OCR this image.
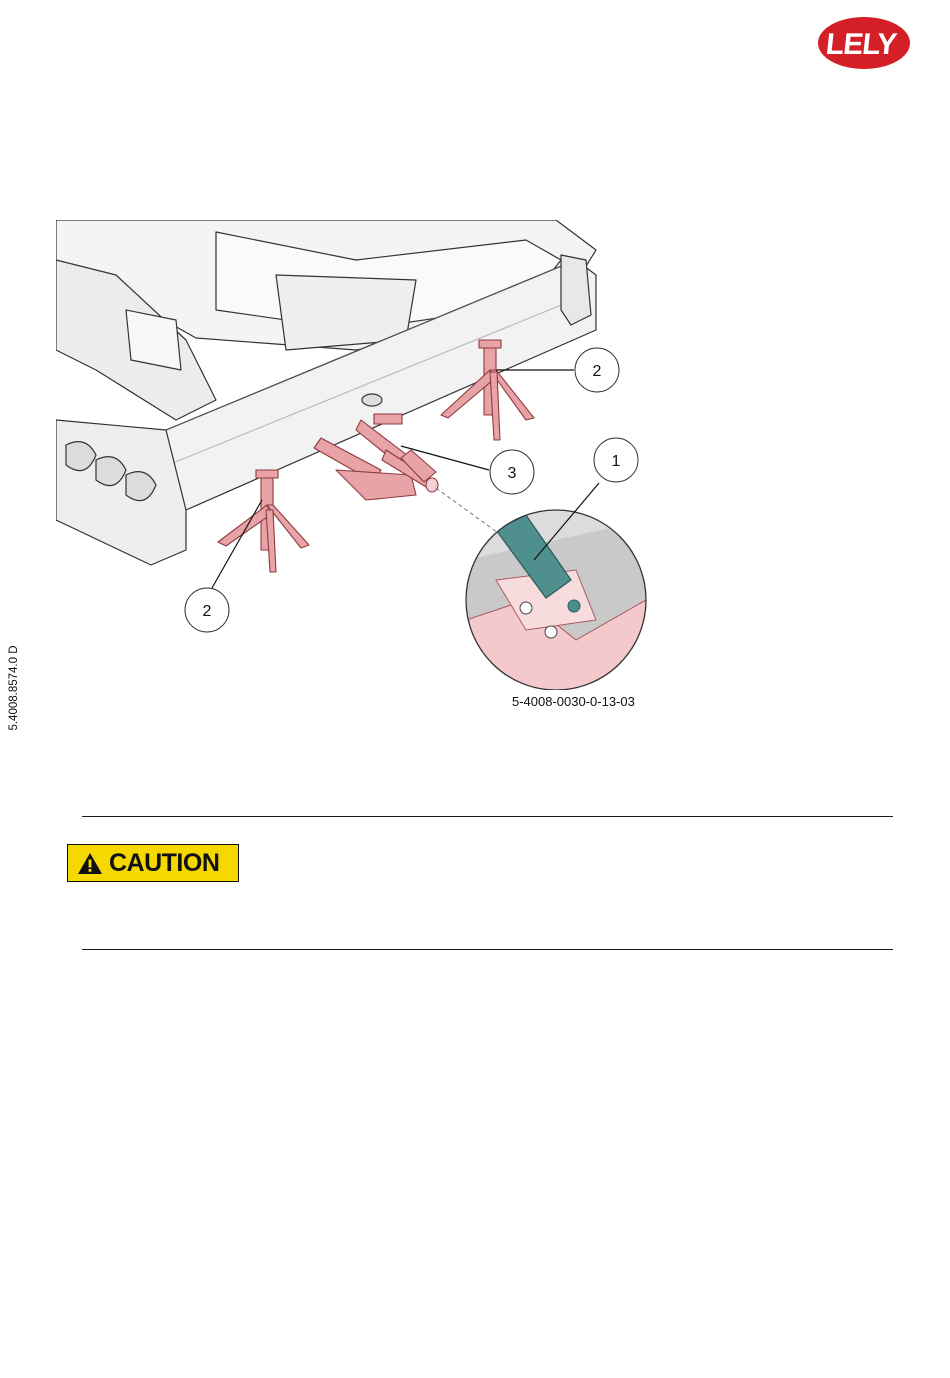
LELY
5.4008.8574.0 D
1
2
3
2
5-4008-0030-0-13-03
CAUTION
